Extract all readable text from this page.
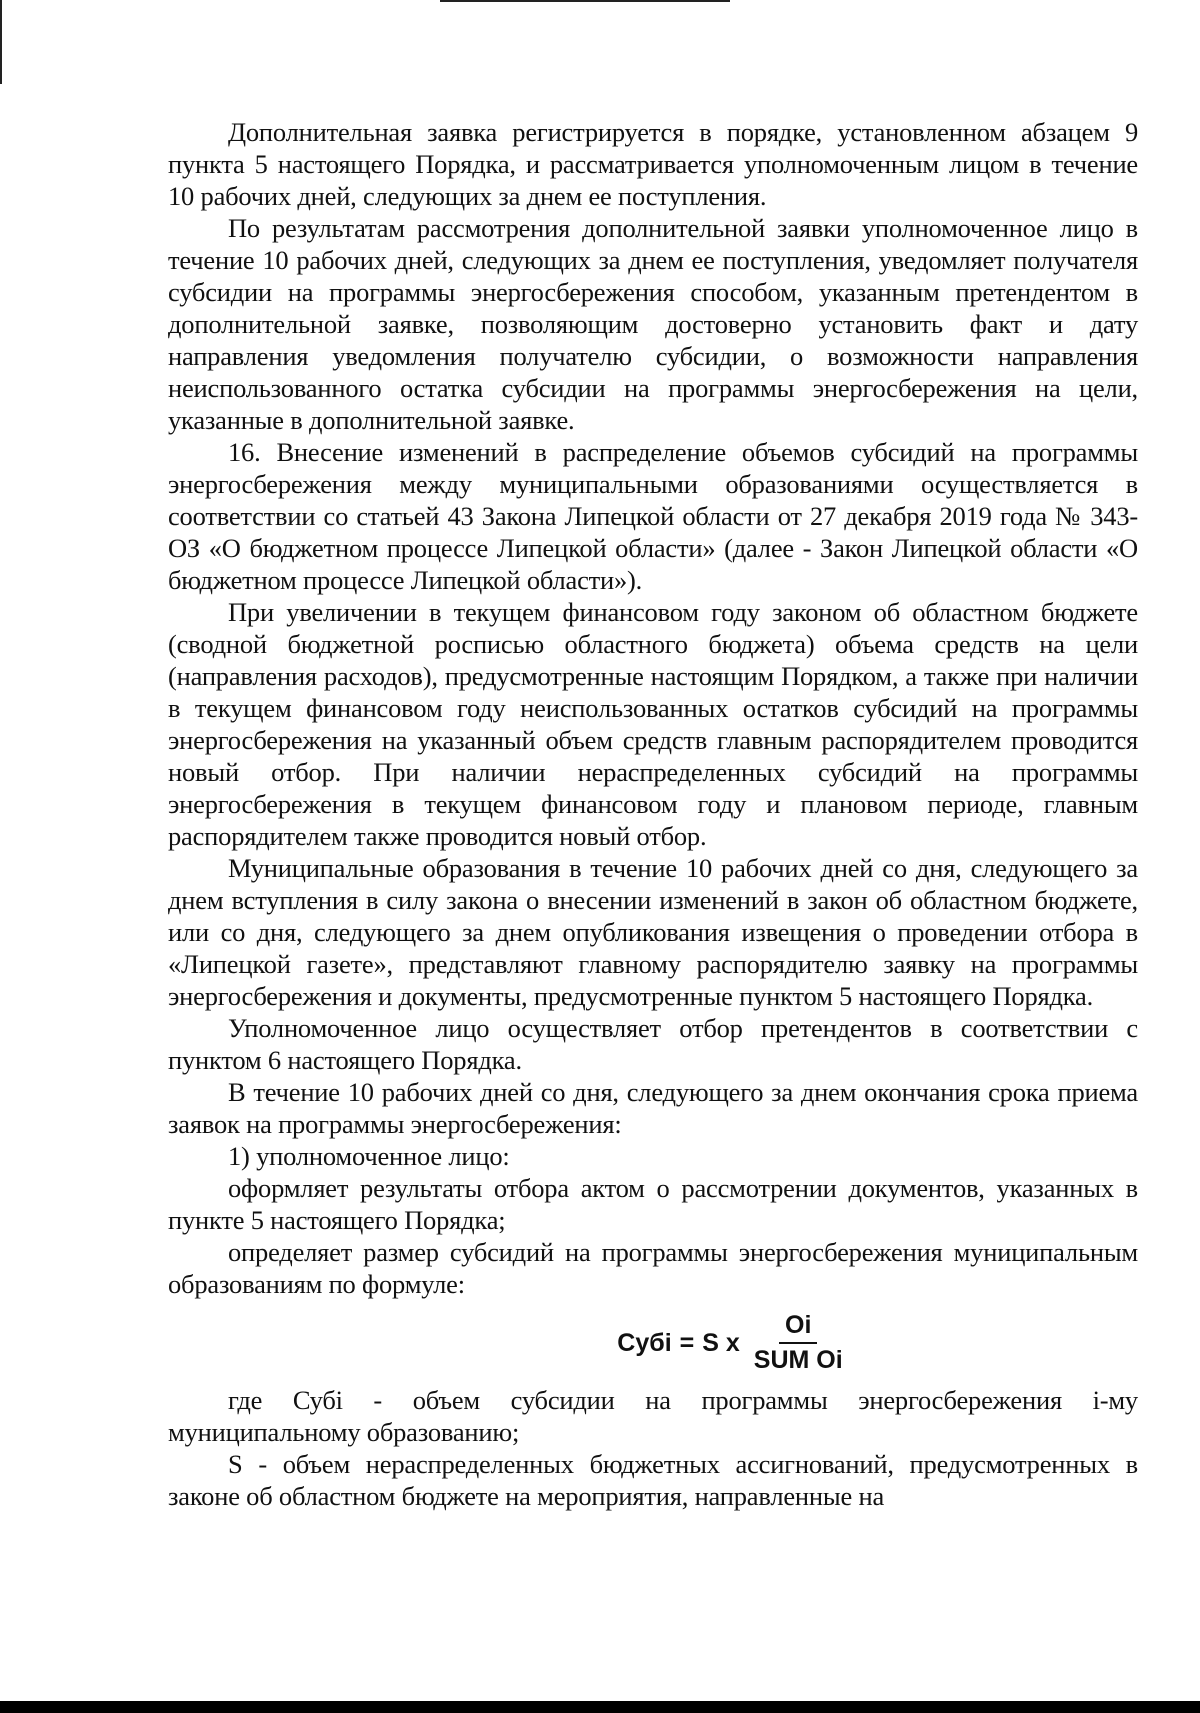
Дополнительная заявка регистрируется в порядке, установленном абзацем 9 пункта 5 настоящего Порядка, и рассматривается уполномоченным лицом в течение 10 рабочих дней, следующих за днем ее поступления.

По результатам рассмотрения дополнительной заявки уполномоченное лицо в течение 10 рабочих дней, следующих за днем ее поступления, уведомляет получателя субсидии на программы энергосбережения способом, указанным претендентом в дополнительной заявке, позволяющим достоверно установить факт и дату направления уведомления получателю субсидии, о возможности направления неиспользованного остатка субсидии на программы энергосбережения на цели, указанные в дополнительной заявке.

16. Внесение изменений в распределение объемов субсидий на программы энергосбережения между муниципальными образованиями осуществляется в соответствии со статьей 43 Закона Липецкой области от 27 декабря 2019 года № 343-ОЗ «О бюджетном процессе Липецкой области» (далее - Закон Липецкой области «О бюджетном процессе Липецкой области»).

При увеличении в текущем финансовом году законом об областном бюджете (сводной бюджетной росписью областного бюджета) объема средств на цели (направления расходов), предусмотренные настоящим Порядком, а также при наличии в текущем финансовом году неиспользованных остатков субсидий на программы энергосбережения на указанный объем средств главным распорядителем проводится новый отбор. При наличии нераспределенных субсидий на программы энергосбережения в текущем финансовом году и плановом периоде, главным распорядителем также проводится новый отбор.

Муниципальные образования в течение 10 рабочих дней со дня, следующего за днем вступления в силу закона о внесении изменений в закон об областном бюджете, или со дня, следующего за днем опубликования извещения о проведении отбора в «Липецкой газете», представляют главному распорядителю заявку на программы энергосбережения и документы, предусмотренные пунктом 5 настоящего Порядка.

Уполномоченное лицо осуществляет отбор претендентов в соответствии с пунктом 6 настоящего Порядка.

В течение 10 рабочих дней со дня, следующего за днем окончания срока приема заявок на программы энергосбережения:

1) уполномоченное лицо:

оформляет результаты отбора актом о рассмотрении документов, указанных в пункте 5 настоящего Порядка;

определяет размер субсидий на программы энергосбережения муниципальным образованиям по формуле:

Субi = S x $\frac{Oi}{\text{SUM Oi}}$

где Субi - объем субсидии на программы энергосбережения i-му муниципальному образованию;

S - объем нераспределенных бюджетных ассигнований, предусмотренных в законе об областном бюджете на мероприятия, направленные на
